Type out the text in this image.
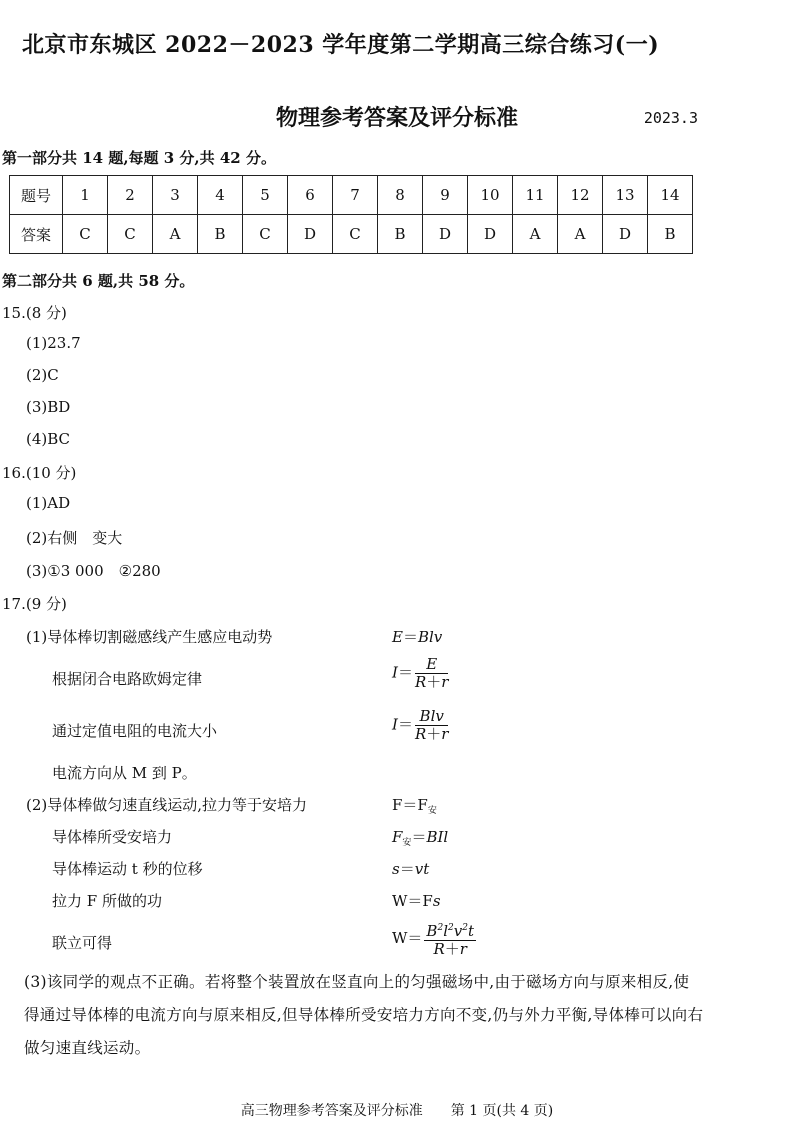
北京市东城区 2022－2023 学年度第二学期高三综合练习(一)
物理参考答案及评分标准	2023.3
第一部分共 14 题,每题 3 分,共 42 分。
题号	1	2	3	4	5	6	7	8	9	10	11	12	13	14
答案	C	C	A	B	C	D	C	B	D	D	A	A	D	B
第二部分共 6 题,共 58 分。
15.(8 分)
(1)23.7
(2)C
(3)BD
(4)BC
16.(10 分)
(1)AD
(2)右侧　变大
(3)①3 000　②280
17.(9 分)
(1)导体棒切割磁感线产生感应电动势	E＝Blv
根据闭合电路欧姆定律	$I= \frac{E}{R+r}$
通过定值电阻的电流大小	$I= \frac{\text{Blv}}{R+r}$
电流方向从 M 到 P。
(2)导体棒做匀速直线运动,拉力等于安培力	$F=F_安$
导体棒所受安培力	$F_安=BIl$
导体棒运动 t 秒的位移	s＝vt
拉力 F 所做的功	W＝Fs
联立可得	$W= \frac{B^2l^2v^2t}{R+r}$
(3)该同学的观点不正确。若将整个装置放在竖直向上的匀强磁场中,由于磁场方向与原来相反,使得通过导体棒的电流方向与原来相反,但导体棒所受安培力方向不变,仍与外力平衡,导体棒可以向右做匀速直线运动。
高三物理参考答案及评分标准　　第 1 页(共 4 页)
